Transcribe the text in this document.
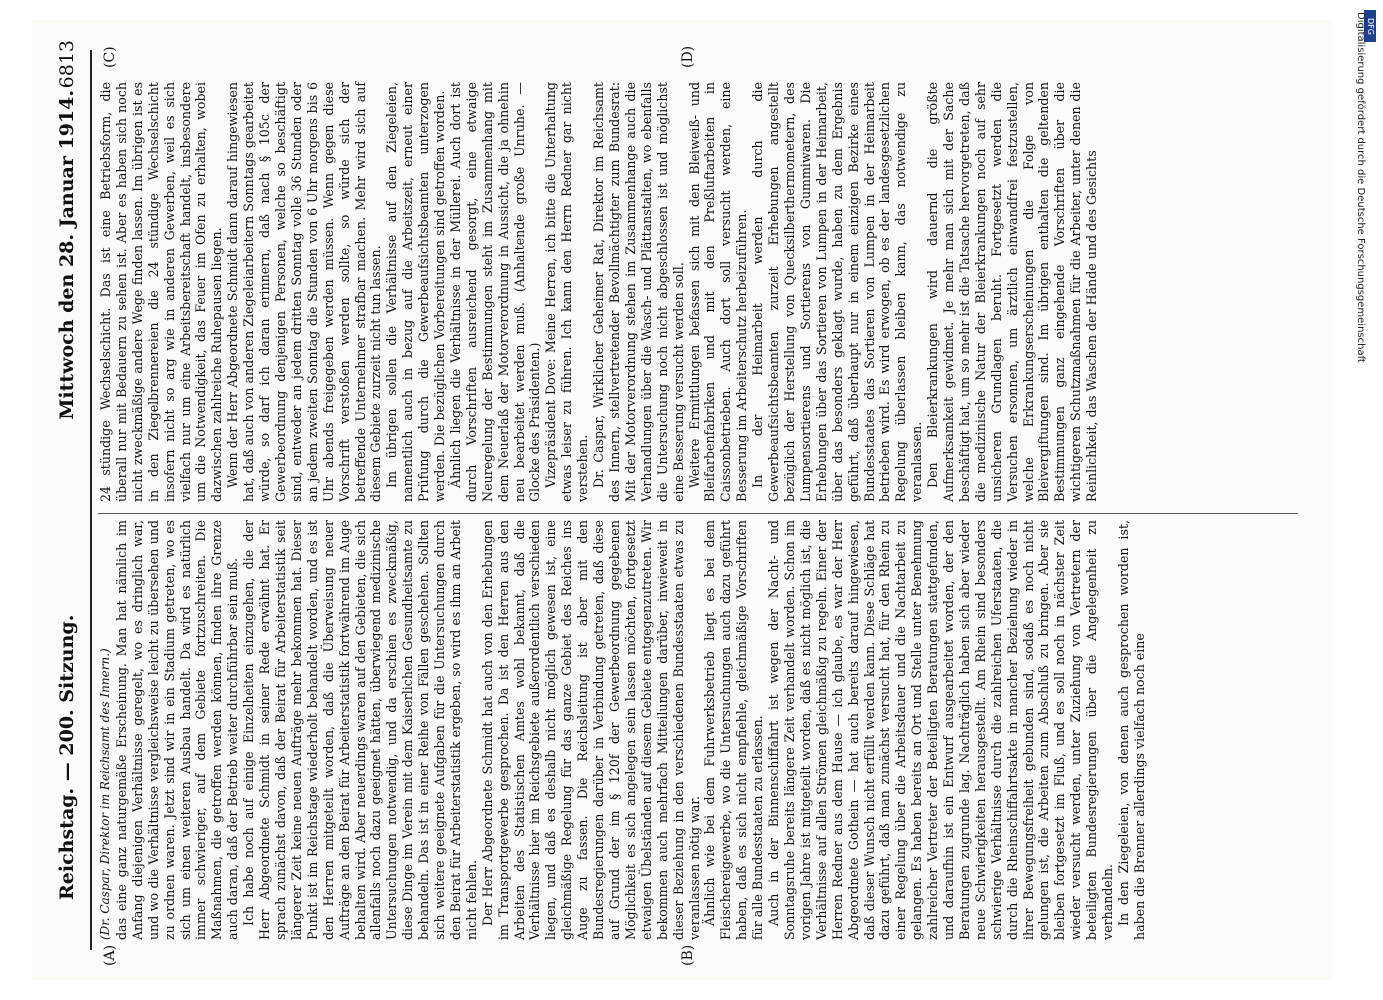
Reichstag. — 200. Sitzung.
Mittwoch den 28. Januar 1914.
6813
(A)	(B)
(C)	(D)
(Dr. Caspar, Direktor im Reichsamt des Innern.) das eine ganz naturgemäße Erscheinung. Man hat nämlich im Anfang diejenigen Verhältnisse geregelt, wo es dringlich war, und wo die Verhältnisse vergleichsweise leicht zu übersehen und zu ordnen waren. Jetzt sind wir in ein Stadium getreten, wo es sich um einen weiteren Ausbau handelt. Da wird es natürlich immer schwieriger, auf dem Gebiete fortzuschreiten. Die Maßnahmen, die getroffen werden können, finden ihre Grenze auch daran, daß der Betrieb weiter durchführbar sein muß. Ich habe noch auf einige Einzelheiten einzugehen, die der Herr Abgeordnete Schmidt in seiner Rede erwähnt hat. Er sprach zunächst davon, daß der Beirat für Arbeiterstatistik seit längerer Zeit keine neuen Aufträge mehr bekommen hat. Dieser Punkt ist im Reichstage wiederholt behandelt worden, und es ist den Herren mitgeteilt worden, daß die Überweisung neuer Aufträge an den Beirat für Arbeiterstatistik fortwährend im Auge behalten wird. Aber neuerdings waren auf den Gebieten, die sich allenfalls noch dazu geeignet hätten, überwiegend medizinische Untersuchungen notwendig, und da erschien es zweckmäßig, diese Dinge im Verein mit dem Kaiserlichen Gesundheitsamte zu behandeln. Das ist in einer Reihe von Fällen geschehen. Sollten sich weitere geeignete Aufgaben für die Untersuchungen durch den Beirat für Arbeiterstatistik ergeben, so wird es ihm an Arbeit nicht fehlen. Der Herr Abgeordnete Schmidt hat auch von den Erhebungen im Transportgewerbe gesprochen. Da ist den Herren aus den Arbeiten des Statistischen Amtes wohl bekannt, daß die Verhältnisse hier im Reichsgebiete außerordentlich verschieden liegen, und daß es deshalb nicht möglich gewesen ist, eine gleichmäßige Regelung für das ganze Gebiet des Reiches ins Auge zu fassen. Die Reichsleitung ist aber mit den Bundesregierungen darüber in Verbindung getreten, daß diese auf Grund der im § 120f der Gewerbeordnung gegebenen Möglichkeit es sich angelegen sein lassen möchten, fortgesetzt etwaigen Übelständen auf diesem Gebiete entgegenzutreten. Wir bekommen auch mehrfach Mitteilungen darüber, inwieweit in dieser Beziehung in den verschiedenen Bundesstaaten etwas zu veranlassen nötig war. Ähnlich wie bei dem Fuhrwerksbetrieb liegt es bei dem Fleischereigewerbe, wo die Untersuchungen auch dazu geführt haben, daß es sich nicht empfiehle, gleichmäßige Vorschriften für alle Bundesstaaten zu erlassen. Auch in der Binnenschiffahrt ist wegen der Nacht- und Sonntagsruhe bereits längere Zeit verhandelt worden. Schon im vorigen Jahre ist mitgeteilt worden, daß es nicht möglich ist, die Verhältnisse auf allen Strömen gleichmäßig zu regeln. Einer der Herren Redner aus dem Hause — ich glaube, es war der Herr Abgeordnete Gothein — hat auch bereits darauf hingewiesen, daß dieser Wunsch nicht erfüllt werden kann. Diese Schläge hat dazu geführt, daß man zunächst versucht hat, für den Rhein zu einer Regelung über die Arbeitsdauer und die Nachtarbeit zu gelangen. Es haben bereits an Ort und Stelle unter Benehmung zahlreicher Vertreter der Beteiligten Beratungen stattgefunden, und daraufhin ist ein Entwurf ausgearbeitet worden, der den Beratungen zugrunde lag. Nachträglich haben sich aber wieder neue Schwierigkeiten herausgestellt. Am Rhein sind besonders schwierige Verhältnisse durch die zahlreichen Uferstaaten, die durch die Rheinschiffahrtsakte in mancher Beziehung wieder in ihrer Bewegungsfreiheit gebunden sind, sodaß es noch nicht gelungen ist, die Arbeiten zum Abschluß zu bringen. Aber sie bleiben fortgesetzt im Fluß, und es soll noch in nächster Zeit wieder versucht werden, unter Zuziehung von Vertretern der beteiligten Bundesregierungen über die Angelegenheit zu verhandeln. In den Ziegeleien, von denen auch gesprochen worden ist, haben die Brenner allerdings vielfach noch eine

24 stündige Wechselschicht. Das ist eine Betriebsform, die überall nur mit Bedauern zu sehen ist. Aber es haben sich noch nicht zweckmäßige andere Wege finden lassen. Im übrigen ist es in den Ziegelbrennereien die 24 stündige Wechselschicht insofern nicht so arg wie in anderen Gewerben, weil es sich vielfach nur um eine Arbeitsbereitschaft handelt, insbesondere um die Notwendigkeit, das Feuer im Ofen zu erhalten, wobei dazwischen zahlreiche Ruhepausen liegen. Wenn der Herr Abgeordnete Schmidt dann darauf hingewiesen hat, daß auch von anderen Ziegeleiarbeitern Sonntags gearbeitet würde, so darf ich daran erinnern, daß nach § 105c der Gewerbeordnung denjenigen Personen, welche so beschäftigt sind, entweder an jedem dritten Sonntag volle 36 Stunden oder an jedem zweiten Sonntag die Stunden von 6 Uhr morgens bis 6 Uhr abends freigegeben werden müssen. Wenn gegen diese Vorschrift verstoßen werden sollte, so würde sich der betreffende Unternehmer strafbar machen. Mehr wird sich auf diesem Gebiete zurzeit nicht tun lassen. Im übrigen sollen die Verhältnisse auf den Ziegeleien, namentlich auch in bezug auf die Arbeitszeit, erneut einer Prüfung durch die Gewerbeaufsichtsbeamten unterzogen werden. Die bezüglichen Vorbereitungen sind getroffen worden. Ähnlich liegen die Verhältnisse in der Müllerei. Auch dort ist durch Vorschriften ausreichend gesorgt, eine etwaige Neuregelung der Bestimmungen steht im Zusammenhang mit dem Neuerlaß der Motorverordnung in Aussicht, die ja ohnehin neu bearbeitet werden muß. (Anhaltende große Unruhe. — Glocke des Präsidenten.) Vizepräsident Dove: Meine Herren, ich bitte die Unterhaltung etwas leiser zu führen. Ich kann den Herrn Redner gar nicht verstehen. Dr. Caspar, Wirklicher Geheimer Rat, Direktor im Reichsamt des Innern, stellvertretender Bevollmächtigter zum Bundesrat: Mit der Motorverordnung stehen im Zusammenhange auch die Verhandlungen über die Wasch- und Plättanstalten, wo ebenfalls die Untersuchung noch nicht abgeschlossen ist und möglichst eine Besserung versucht werden soll. Weitere Ermittlungen befassen sich mit den Bleiweiß- und Bleifarbenfabriken und mit den Preßluftarbeiten in Caissonbetrieben. Auch dort soll versucht werden, eine Besserung im Arbeiterschutz herbeizuführen. In der Heimarbeit werden durch die Gewerbeaufsichtsbeamten zurzeit Erhebungen angestellt bezüglich der Herstellung von Quecksilberthermometern, des Lumpensortierens und Sortierens von Gummiwaren. Die Erhebungen über das Sortieren von Lumpen in der Heimarbeit, über das besonders geklagt wurde, haben zu dem Ergebnis geführt, daß überhaupt nur in einem einzigen Bezirke eines Bundesstaates das Sortieren von Lumpen in der Heimarbeit betrieben wird. Es wird erwogen, ob es der landesgesetzlichen Regelung überlassen bleiben kann, das notwendige zu veranlassen. Den Bleierkrankungen wird dauernd die größte Aufmerksamkeit gewidmet. Je mehr man sich mit der Sache beschäftigt hat, um so mehr ist die Tatsache hervorgetreten, daß die medizinische Natur der Bleierkrankungen noch auf sehr unsicheren Grundlagen beruht. Fortgesetzt werden die Versuchen ersonnen, um ärztlich einwandfrei festzustellen, welche Erkrankungserscheinungen die Folge von Bleivergiftungen sind. Im übrigen enthalten die geltenden Bestimmungen ganz eingehende Vorschriften über die wichtigeren Schutzmaßnahmen für die Arbeiter, unter denen die Reinlichkeit, das Waschen der Hände und des Gesichts

DFG
Digitalisierung gefördert durch die Deutsche Forschungsgemeinschaft
